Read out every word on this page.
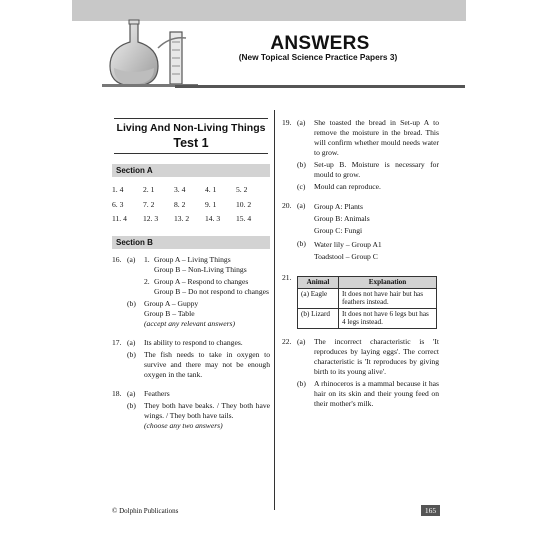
ANSWERS
(New Topical Science Practice Papers 3)
Living And Non-Living Things
Test 1
Section A
1. 4	2. 1	3. 4	4. 1	5. 2
6. 3	7. 2	8. 2	9. 1	10. 2
11. 4	12. 3	13. 2	14. 3	15. 4
Section B
16. (a)	1. Group A – Living Things
Group B – Non-Living Things
2. Group A – Respond to changes
Group B – Do not respond to changes
(b)	Group A – Guppy
Group B – Table
(accept any relevant answers)
17. (a)	Its ability to respond to changes.
(b)	The fish needs to take in oxygen to survive and there may not be enough oxygen in the tank.
18. (a)	Feathers
(b)	They both have beaks. / They both have wings. / They both have tails.
(choose any two answers)
19. (a)	She toasted the bread in Set-up A to remove the moisture in the bread. This will confirm whether mould needs water to grow.
(b)	Set-up B. Moisture is necessary for mould to grow.
(c)	Mould can reproduce.
20. (a)	Group A: Plants
Group B: Animals
Group C: Fungi
(b)	Water lily – Group A1
Toadstool – Group C
21.	Animal	Explanation
(a) Eagle	It does not have hair but has feathers instead.
(b) Lizard	It does not have 6 legs but has 4 legs instead.
22. (a)	The incorrect characteristic is 'It reproduces by laying eggs'. The correct characteristic is 'It reproduces by giving birth to its young alive'.
(b)	A rhinoceros is a mammal because it has hair on its skin and their young feed on their mother's milk.
© Dolphin Publications	165
